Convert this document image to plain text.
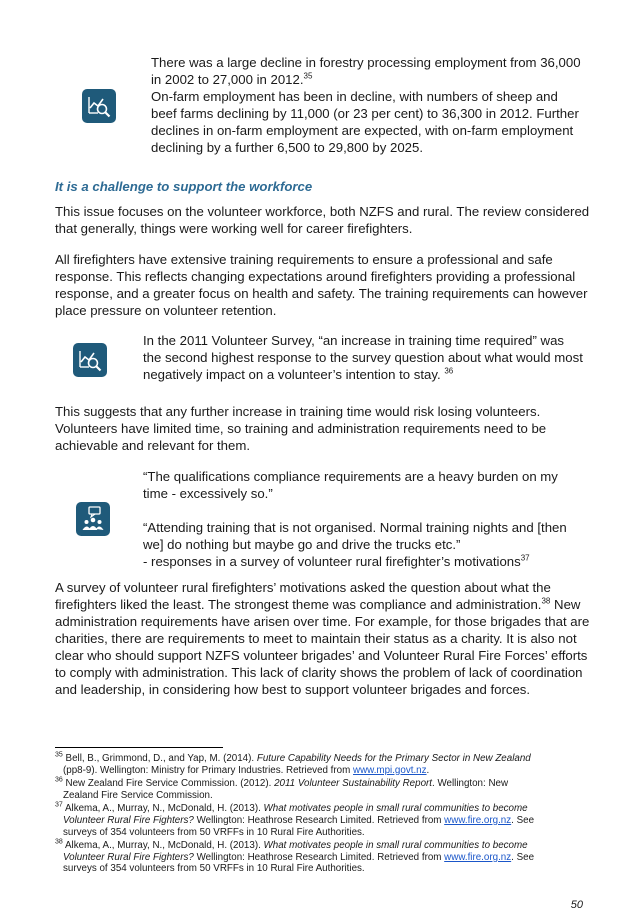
There was a large decline in forestry processing employment from 36,000
in 2002 to 27,000 in 2012.35
On-farm employment has been in decline, with numbers of sheep and
beef farms declining by 11,000 (or 23 per cent) to 36,300 in 2012. Further
declines in on-farm employment are expected, with on-farm employment
declining by a further 6,500 to 29,800 by 2025.
It is a challenge to support the workforce
This issue focuses on the volunteer workforce, both NZFS and rural. The review considered
that generally, things were working well for career firefighters.
All firefighters have extensive training requirements to ensure a professional and safe
response. This reflects changing expectations around firefighters providing a professional
response, and a greater focus on health and safety. The training requirements can however
place pressure on volunteer retention.
In the 2011 Volunteer Survey, “an increase in training time required” was
the second highest response to the survey question about what would most
negatively impact on a volunteer’s intention to stay. $^{36}$
This suggests that any further increase in training time would risk losing volunteers.
Volunteers have limited time, so training and administration requirements need to be
achievable and relevant for them.
“The qualifications compliance requirements are a heavy burden on my
time - excessively so.”
“Attending training that is not organised. Normal training nights and [then
we] do nothing but maybe go and drive the trucks etc.”
- responses in a survey of volunteer rural firefighter’s motivations$^{37}$
A survey of volunteer rural firefighters’ motivations asked the question about what the
firefighters liked the least. The strongest theme was compliance and administration.$^{38}$ New
administration requirements have arisen over time. For example, for those brigades that are
charities, there are requirements to meet to maintain their status as a charity. It is also not
clear who should support NZFS volunteer brigades’ and Volunteer Rural Fire Forces’ efforts
to comply with administration. This lack of clarity shows the problem of lack of coordination
and leadership, in considering how best to support volunteer brigades and forces.
$^{35}$ Bell, B., Grimmond, D., and Yap, M. (2014). Future Capability Needs for the Primary Sector in New Zealand
(pp8-9). Wellington: Ministry for Primary Industries. Retrieved from www.mpi.govt.nz.
$^{36}$ New Zealand Fire Service Commission. (2012). 2011 Volunteer Sustainability Report. Wellington: New
Zealand Fire Service Commission.
$^{37}$ Alkema, A., Murray, N., McDonald, H. (2013). What motivates people in small rural communities to become
Volunteer Rural Fire Fighters? Wellington: Heathrose Research Limited. Retrieved from www.fire.org.nz. See
surveys of 354 volunteers from 50 VRFFs in 10 Rural Fire Authorities.
$^{38}$ Alkema, A., Murray, N., McDonald, H. (2013). What motivates people in small rural communities to become
Volunteer Rural Fire Fighters? Wellington: Heathrose Research Limited. Retrieved from www.fire.org.nz. See
surveys of 354 volunteers from 50 VRFFs in 10 Rural Fire Authorities.
50
